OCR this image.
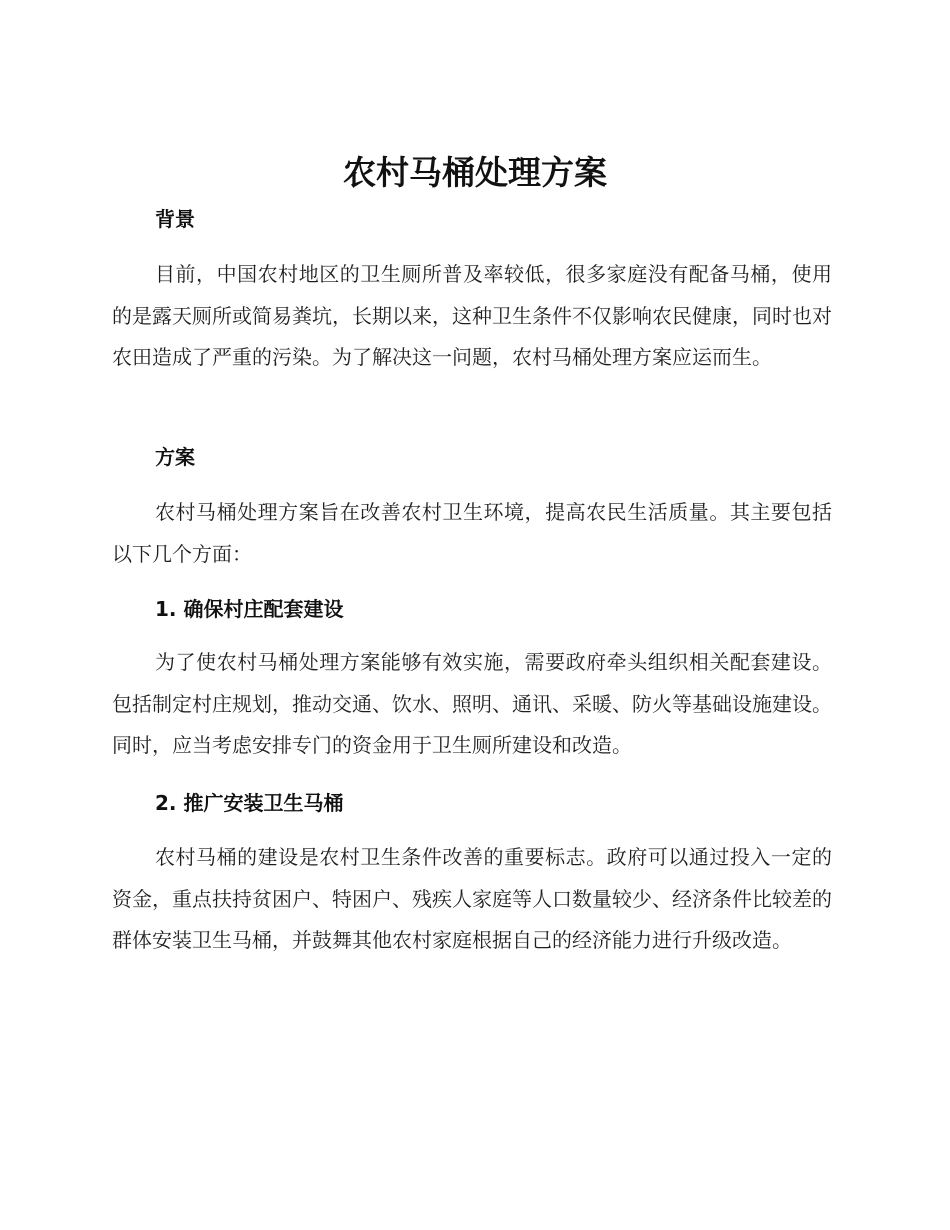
农村马桶处理方案
背景

目前，中国农村地区的卫生厕所普及率较低，很多家庭没有配备马桶，使用的是露天厕所或简易粪坑，长期以来，这种卫生条件不仅影响农民健康，同时也对农田造成了严重的污染。为了解决这一问题，农村马桶处理方案应运而生。

方案

农村马桶处理方案旨在改善农村卫生环境，提高农民生活质量。其主要包括以下几个方面：

1. 确保村庄配套建设

为了使农村马桶处理方案能够有效实施，需要政府牵头组织相关配套建设。包括制定村庄规划，推动交通、饮水、照明、通讯、采暖、防火等基础设施建设。同时，应当考虑安排专门的资金用于卫生厕所建设和改造。

2. 推广安装卫生马桶

农村马桶的建设是农村卫生条件改善的重要标志。政府可以通过投入一定的资金，重点扶持贫困户、特困户、残疾人家庭等人口数量较少、经济条件比较差的群体安装卫生马桶，并鼓舞其他农村家庭根据自己的经济能力进行升级改造。
